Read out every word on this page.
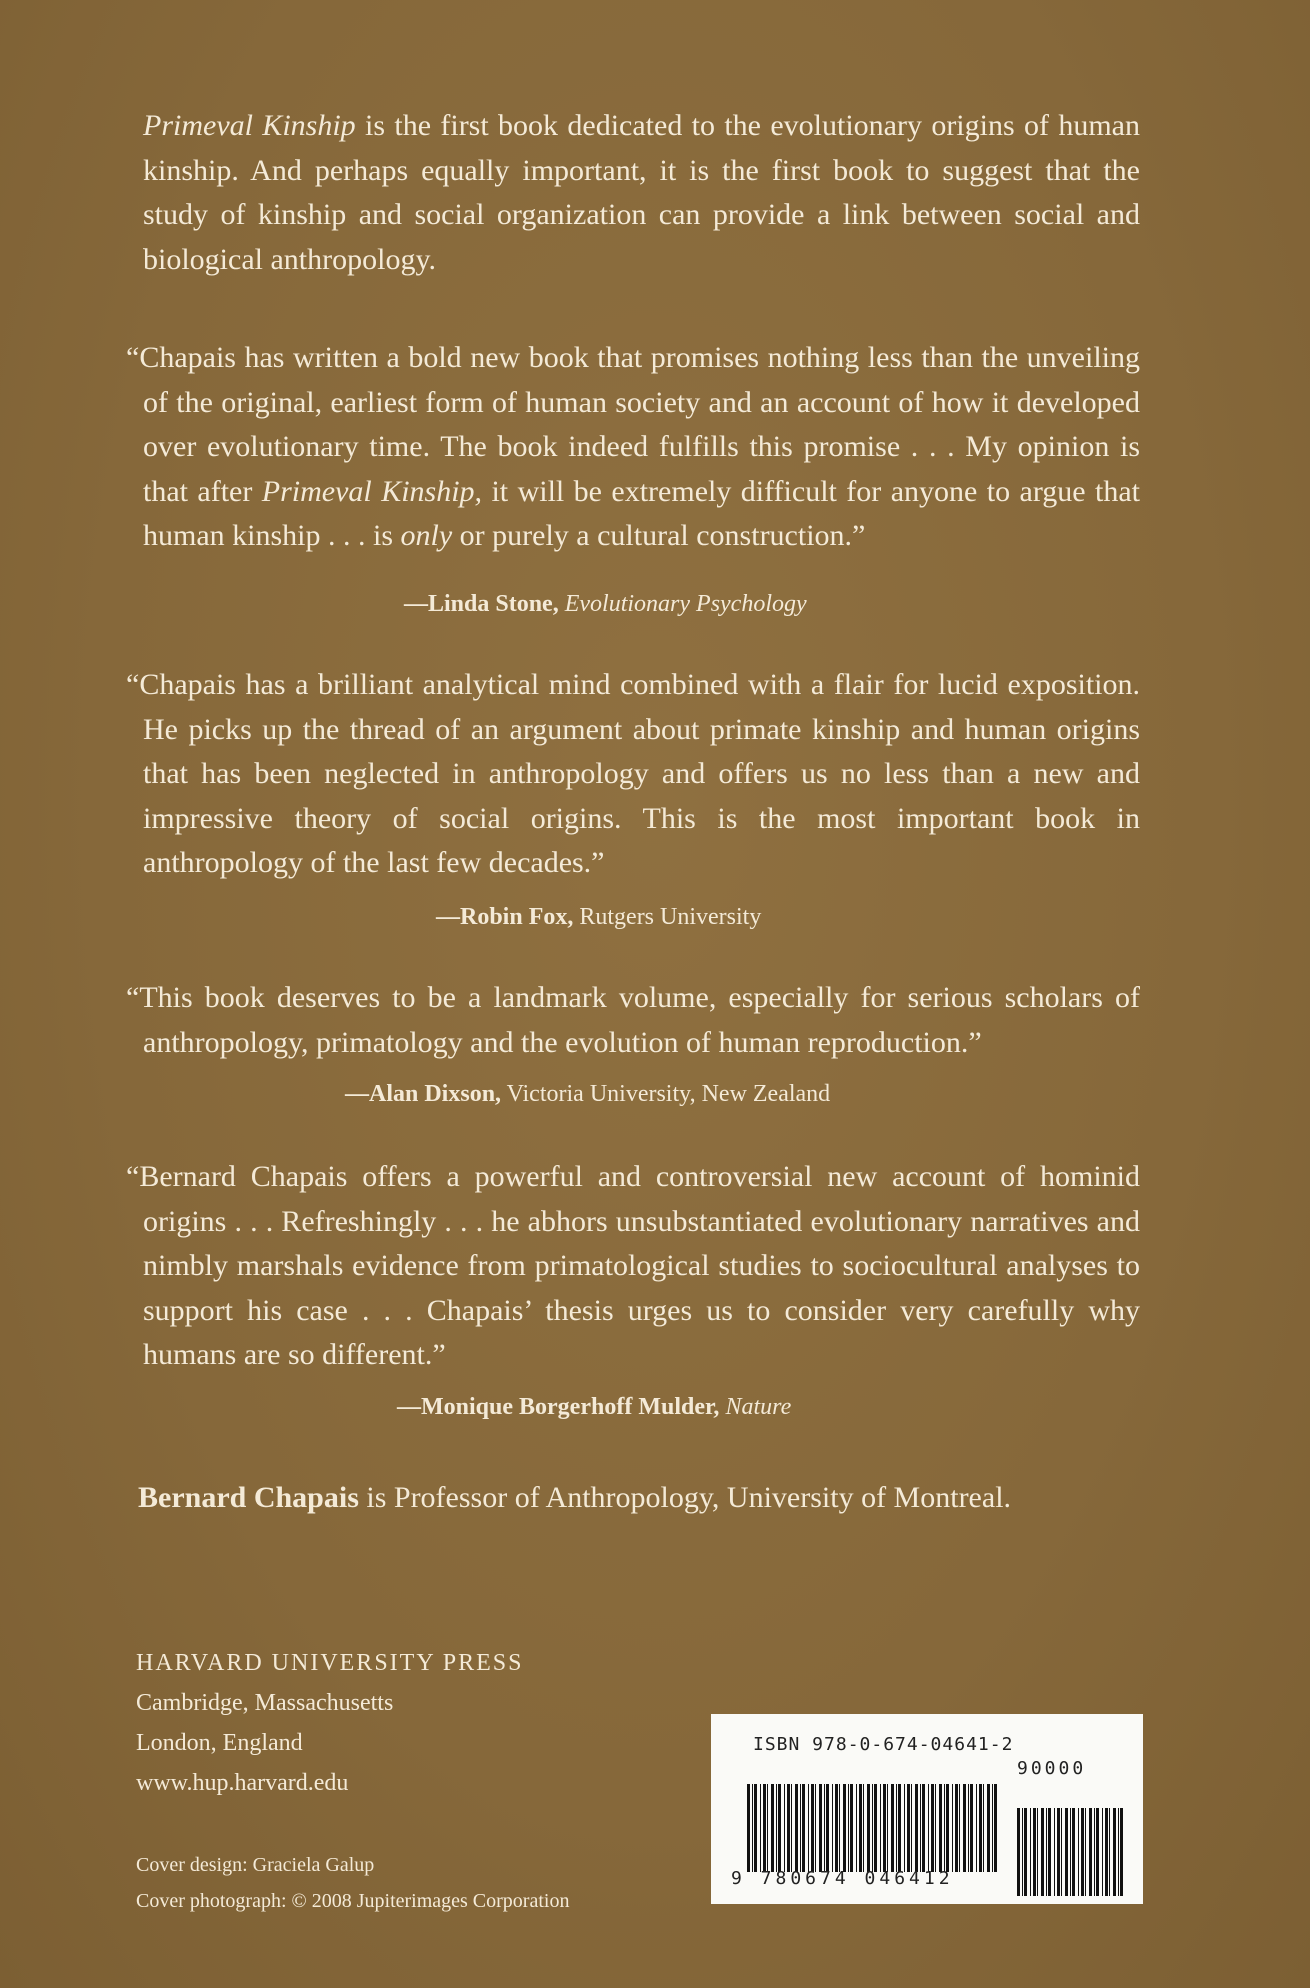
Primeval Kinship is the first book dedicated to the evolutionary origins of human kinship. And perhaps equally important, it is the first book to suggest that the study of kinship and social organization can provide a link between social and biological anthropology.

“Chapais has written a bold new book that promises nothing less than the unveiling of the original, earliest form of human society and an account of how it developed over evolutionary time. The book indeed fulfills this promise . . . My opinion is that after Primeval Kinship, it will be extremely difficult for anyone to argue that human kinship . . . is only or purely a cultural construction.”

—Linda Stone, Evolutionary Psychology

“Chapais has a brilliant analytical mind combined with a flair for lucid exposition. He picks up the thread of an argument about primate kinship and human origins that has been neglected in anthropology and offers us no less than a new and impressive theory of social origins. This is the most important book in anthropology of the last few decades.”

—Robin Fox, Rutgers University

“This book deserves to be a landmark volume, especially for serious scholars of anthropology, primatology and the evolution of human reproduction.”

—Alan Dixson, Victoria University, New Zealand

“Bernard Chapais offers a powerful and controversial new account of hominid origins . . . Refreshingly . . . he abhors unsubstantiated evolutionary narratives and nimbly marshals evidence from primatological studies to sociocultural analyses to support his case . . . Chapais’ thesis urges us to consider very carefully why humans are so different.”

—Monique Borgerhoff Mulder, Nature

Bernard Chapais is Professor of Anthropology, University of Montreal.

HARVARD UNIVERSITY PRESS
Cambridge, Massachusetts
London, England
www.hup.harvard.edu
Cover design: Graciela Galup
Cover photograph: © 2008 Jupiterimages Corporation
ISBN 978-0-674-04641-2
90000
9 780674 046412
